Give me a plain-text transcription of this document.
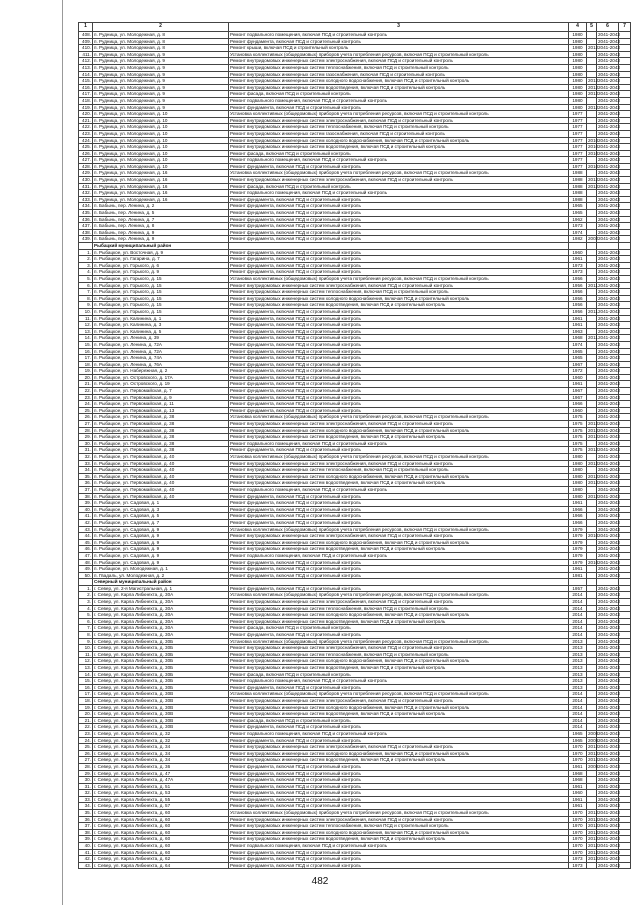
1	2	3	4	5	6	7
408.	п. Рудница, ул. Молодежная, д. 8	Ремонт подвального помещения, включая ПСД и строительный контроль	1980		2041-2043	
409.	п. Рудница, ул. Молодежная, д. 8	Ремонт фундамента, включая ПСД и строительный контроль	1980		2041-2043	
410.	п. Рудница, ул. Молодежная, д. 8	Ремонт крыши, включая ПСД и строительный контроль	1980	2012	2041-2043	
411.	п. Рудница, ул. Молодежная, д. 9	Установка коллективных (общедомовых) приборов учета потребления ресурсов, включая ПСД и строительный контроль	1980		2041-2043	
412.	п. Рудница, ул. Молодежная, д. 9	Ремонт внутридомовых инженерных систем электроснабжения, включая ПСД и строительный контроль	1980		2041-2043	
413.	п. Рудница, ул. Молодежная, д. 9	Ремонт внутридомовых инженерных систем теплоснабжения, включая ПСД и строительный контроль	1980		2041-2043	
414.	п. Рудница, ул. Молодежная, д. 9	Ремонт внутридомовых инженерных систем газоснабжения, включая ПСД и строительный контроль	1980		2041-2043	
415.	п. Рудница, ул. Молодежная, д. 9	Ремонт внутридомовых инженерных систем холодного водоснабжения, включая ПСД и строительный контроль	1980	2012	2041-2043	
416.	п. Рудница, ул. Молодежная, д. 9	Ремонт внутридомовых инженерных систем водоотведения, включая ПСД и строительный контроль	1980	2012	2041-2043	
417.	п. Рудница, ул. Молодежная, д. 9	Ремонт фасада, включая ПСД и строительный контроль	1980	2012	2041-2043	
418.	п. Рудница, ул. Молодежная, д. 9	Ремонт подвального помещения, включая ПСД и строительный контроль	1980		2041-2043	
419.	п. Рудница, ул. Молодежная, д. 9	Ремонт фундамента, включая ПСД и строительный контроль	1980	2012	2041-2043	
420.	п. Рудница, ул. Молодежная, д. 10	Установка коллективных (общедомовых) приборов учета потребления ресурсов, включая ПСД и строительный контроль	1977		2041-2043	
421.	п. Рудница, ул. Молодежная, д. 10	Ремонт внутридомовых инженерных систем электроснабжения, включая ПСД и строительный контроль	1977		2041-2043	
422.	п. Рудница, ул. Молодежная, д. 10	Ремонт внутридомовых инженерных систем теплоснабжения, включая ПСД и строительный контроль	1977		2041-2043	
423.	п. Рудница, ул. Молодежная, д. 10	Ремонт внутридомовых инженерных систем газоснабжения, включая ПСД и строительный контроль	1977		2041-2043	
424.	п. Рудница, ул. Молодежная, д. 10	Ремонт внутридомовых инженерных систем холодного водоснабжения, включая ПСД и строительный контроль	1977	2010	2041-2043	
425.	п. Рудница, ул. Молодежная, д. 10	Ремонт внутридомовых инженерных систем водоотведения, включая ПСД и строительный контроль	1977	2010	2041-2043	
426.	п. Рудница, ул. Молодежная, д. 10	Ремонт фасада, включая ПСД и строительный контроль	1977	2010	2041-2043	
427.	п. Рудница, ул. Молодежная, д. 10	Ремонт подвального помещения, включая ПСД и строительный контроль	1977		2041-2043	
428.	п. Рудница, ул. Молодежная, д. 10	Ремонт фундамента, включая ПСД и строительный контроль	1977	2010	2041-2043	
429.	п. Рудница, ул. Молодежная, д. 16	Установка коллективных (общедомовых) приборов учета потребления ресурсов, включая ПСД и строительный контроль	1988		2041-2043	
430.	п. Рудница, ул. Молодежная, д. 16	Ремонт внутридомовых инженерных систем электроснабжения, включая ПСД и строительный контроль	1988	2012	2041-2043	
431.	п. Рудница, ул. Молодежная, д. 16	Ремонт фасада, включая ПСД и строительный контроль	1988	2012	2041-2043	
432.	п. Рудница, ул. Молодежная, д. 16	Ремонт подвального помещения, включая ПСД и строительный контроль	1988		2041-2043	
433.	п. Рудница, ул. Молодежная, д. 16	Ремонт фундамента, включая ПСД и строительный контроль	1988		2041-2043	
434.	п. Бабынь, пер. Ленина, д. 2	Ремонт фундамента, включая ПСД и строительный контроль	1965		2041-2043	
435.	п. Бабынь, пер. Ленина, д. 5	Ремонт фундамента, включая ПСД и строительный контроль	1965		2041-2043	
436.	п. Бабынь, пер. Ленина, д. 7	Ремонт фундамента, включая ПСД и строительный контроль	1962		2041-2043	
437.	п. Бабынь, пер. Ленина, д. 8	Ремонт фундамента, включая ПСД и строительный контроль	1973		2041-2043	
438.	п. Бабынь, пер. Ленина, д. 9	Ремонт фундамента, включая ПСД и строительный контроль	1974		2041-2043	
439.	п. Бабынь, пер. Ленина, д. 9	Ремонт фундамента, включая ПСД и строительный контроль	1982	2002	2041-2043	
	Рыбацкий муниципальный район					
1.	п. Рыбацкое, ул. Восточная, д. 9	Ремонт фундамента, включая ПСД и строительный контроль	1960		2041-2043	
2.	п. Рыбацкое, ул. Гагарина, д. 7	Ремонт фундамента, включая ПСД и строительный контроль	1961		2041-2043	
3.	п. Рыбацкое, ул. Горького, д. 6	Ремонт фундамента, включая ПСД и строительный контроль	1973		2041-2043	
4.	п. Рыбацкое, ул. Горького, д. 9	Ремонт фундамента, включая ПСД и строительный контроль	1973		2041-2043	
5.	п. Рыбацкое, ул. Горького, д. 15	Установка коллективных (общедомовых) приборов учета потребления ресурсов, включая ПСД и строительный контроль	1956		2041-2043	
6.	п. Рыбацкое, ул. Горького, д. 15	Ремонт внутридомовых инженерных систем электроснабжения, включая ПСД и строительный контроль	1956	2011	2041-2043	
7.	п. Рыбацкое, ул. Горького, д. 15	Ремонт внутридомовых инженерных систем теплоснабжения, включая ПСД и строительный контроль	1956		2041-2043	
8.	п. Рыбацкое, ул. Горького, д. 15	Ремонт внутридомовых инженерных систем холодного водоснабжения, включая ПСД и строительный контроль	1956		2041-2043	
9.	п. Рыбацкое, ул. Горького, д. 15	Ремонт внутридомовых инженерных систем водоотведения, включая ПСД и строительный контроль	1956		2041-2043	
10.	п. Рыбацкое, ул. Горького, д. 15	Ремонт фундамента, включая ПСД и строительный контроль	1956	2011	2041-2043	
11.	п. Рыбацкое, ул. Калинина, д. 1	Ремонт фундамента, включая ПСД и строительный контроль	1961		2041-2043	
12.	п. Рыбацкое, ул. Калинина, д. 3	Ремонт фундамента, включая ПСД и строительный контроль	1961		2041-2043	
13.	п. Рыбацкое, ул. Калинина, д. 5	Ремонт фундамента, включая ПСД и строительный контроль	1963		2041-2043	
14.	п. Рыбацкое, ул. Ленина, д. 39	Ремонт фундамента, включая ПСД и строительный контроль	1968	2011	2041-2043	
15.	п. Рыбацкое, ул. Ленина, д. 72А	Ремонт фундамента, включая ПСД и строительный контроль	1974		2041-2043	
16.	п. Рыбацкое, ул. Ленина, д. 72А	Ремонт фундамента, включая ПСД и строительный контроль	1965		2041-2043	
17.	п. Рыбацкое, ул. Ленина, д. 74А	Ремонт фундамента, включая ПСД и строительный контроль	1965		2041-2043	
18.	п. Рыбацкое, ул. Ленина, д. 76А	Ремонт фундамента, включая ПСД и строительный контроль	1967		2041-2043	
19.	п. Рыбацкое, ул. Набережная, д. 2	Ремонт фундамента, включая ПСД и строительный контроль	1972		2041-2043	
20.	п. Рыбацкое, ул. Островского, д. 17А	Ремонт фундамента, включая ПСД и строительный контроль	1960		2041-2043	
21.	п. Рыбацкое, ул. Островского, д. 19	Ремонт фундамента, включая ПСД и строительный контроль	1961		2041-2043	
22.	п. Рыбацкое, ул. Первомайская, д. 7	Ремонт фундамента, включая ПСД и строительный контроль	1967		2041-2043	
23.	п. Рыбацкое, ул. Первомайская, д. 9	Ремонт фундамента, включая ПСД и строительный контроль	1967		2041-2043	
24.	п. Рыбацкое, ул. Первомайская, д. 11	Ремонт фундамента, включая ПСД и строительный контроль	1966		2041-2043	
25.	п. Рыбацкое, ул. Первомайская, д. 13	Ремонт фундамента, включая ПСД и строительный контроль	1960		2041-2043	
26.	п. Рыбацкое, ул. Первомайская, д. 38	Установка коллективных (общедомовых) приборов учета потребления ресурсов, включая ПСД и строительный контроль	1975		2041-2043	
27.	п. Рыбацкое, ул. Первомайская, д. 38	Ремонт внутридомовых инженерных систем электроснабжения, включая ПСД и строительный контроль	1975	2012	2041-2043	
28.	п. Рыбацкое, ул. Первомайская, д. 38	Ремонт внутридомовых инженерных систем холодного водоснабжения, включая ПСД и строительный контроль	1975	2012	2041-2043	
29.	п. Рыбацкое, ул. Первомайская, д. 38	Ремонт внутридомовых инженерных систем водоотведения, включая ПСД и строительный контроль	1975	2012	2041-2043	
30.	п. Рыбацкое, ул. Первомайская, д. 38	Ремонт подвального помещения, включая ПСД и строительный контроль	1975		2041-2043	
31.	п. Рыбацкое, ул. Первомайская, д. 38	Ремонт фундамента, включая ПСД и строительный контроль	1975	2012	2041-2043	
32.	п. Рыбацкое, ул. Первомайская, д. 40	Установка коллективных (общедомовых) приборов учета потребления ресурсов, включая ПСД и строительный контроль	1980		2041-2043	
33.	п. Рыбацкое, ул. Первомайская, д. 40	Ремонт внутридомовых инженерных систем электроснабжения, включая ПСД и строительный контроль	1980	2012	2041-2043	
34.	п. Рыбацкое, ул. Первомайская, д. 40	Ремонт внутридомовых инженерных систем теплоснабжения, включая ПСД и строительный контроль	1980		2041-2043	
35.	п. Рыбацкое, ул. Первомайская, д. 40	Ремонт внутридомовых инженерных систем холодного водоснабжения, включая ПСД и строительный контроль	1980	2012	2041-2043	
36.	п. Рыбацкое, ул. Первомайская, д. 40	Ремонт внутридомовых инженерных систем водоотведения, включая ПСД и строительный контроль	1980	2012	2041-2043	
37.	п. Рыбацкое, ул. Первомайская, д. 40	Ремонт подвального помещения, включая ПСД и строительный контроль	1980		2041-2043	
38.	п. Рыбацкое, ул. Первомайская, д. 40	Ремонт фундамента, включая ПСД и строительный контроль	1980	2012	2041-2043	
39.	п. Рыбацкое, ул. Садовая, д. 1	Ремонт фундамента, включая ПСД и строительный контроль	1961		2041-2043	
40.	п. Рыбацкое, ул. Садовая, д. 3	Ремонт фундамента, включая ПСД и строительный контроль	1966		2041-2043	
41.	п. Рыбацкое, ул. Садовая, д. 5	Ремонт фундамента, включая ПСД и строительный контроль	1966		2041-2043	
42.	п. Рыбацкое, ул. Садовая, д. 7	Ремонт фундамента, включая ПСД и строительный контроль	1966		2041-2043	
43.	п. Рыбацкое, ул. Садовая, д. 9	Установка коллективных (общедомовых) приборов учета потребления ресурсов, включая ПСД и строительный контроль	1979		2041-2043	
44.	п. Рыбацкое, ул. Садовая, д. 9	Ремонт внутридомовых инженерных систем электроснабжения, включая ПСД и строительный контроль	1979	2010	2041-2043	
45.	п. Рыбацкое, ул. Садовая, д. 9	Ремонт внутридомовых инженерных систем холодного водоснабжения, включая ПСД и строительный контроль	1979		2041-2043	
46.	п. Рыбацкое, ул. Садовая, д. 9	Ремонт внутридомовых инженерных систем водоотведения, включая ПСД и строительный контроль	1979		2041-2043	
47.	п. Рыбацкое, ул. Садовая, д. 9	Ремонт подвального помещения, включая ПСД и строительный контроль	1979		2041-2043	
48.	п. Рыбацкое, ул. Садовая, д. 9	Ремонт фундамента, включая ПСД и строительный контроль	1979	2010	2041-2043	
49.	п. Рыбацкое, ул. Молодежная, д. 1	Ремонт фундамента, включая ПСД и строительный контроль	1961		2041-2043	
50.	п. Гвадаль, ул. Молодежная, д. 2	Ремонт фундамента, включая ПСД и строительный контроль	1981		2041-2043	
	Северный муниципальный район					
1.	г. Север, ул. 2-я Магистральная, д. 1	Ремонт фундамента, включая ПСД и строительный контроль	1957		2041-2043	
2.	г. Север, ул. Карла Либкнехта, д. 30А	Установка коллективных (общедомовых) приборов учета потребления ресурсов, включая ПСД и строительный контроль	2014		2041-2043	
3.	г. Север, ул. Карла Либкнехта, д. 30А	Ремонт внутридомовых инженерных систем электроснабжения, включая ПСД и строительный контроль	2014		2041-2043	
4.	г. Север, ул. Карла Либкнехта, д. 30А	Ремонт внутридомовых инженерных систем теплоснабжения, включая ПСД и строительный контроль	2014		2041-2043	
5.	г. Север, ул. Карла Либкнехта, д. 30А	Ремонт внутридомовых инженерных систем холодного водоснабжения, включая ПСД и строительный контроль	2014		2041-2043	
6.	г. Север, ул. Карла Либкнехта, д. 30А	Ремонт внутридомовых инженерных систем водоотведения, включая ПСД и строительный контроль	2014		2041-2043	
7.	г. Север, ул. Карла Либкнехта, д. 30А	Ремонт фасада, включая ПСД и строительный контроль	2014		2041-2043	
8.	г. Север, ул. Карла Либкнехта, д. 30А	Ремонт фундамента, включая ПСД и строительный контроль	2014		2041-2043	
9.	г. Север, ул. Карла Либкнехта, д. 30Б	Установка коллективных (общедомовых) приборов учета потребления ресурсов, включая ПСД и строительный контроль	2013		2041-2043	
10.	г. Север, ул. Карла Либкнехта, д. 30Б	Ремонт внутридомовых инженерных систем электроснабжения, включая ПСД и строительный контроль	2013		2041-2043	
11.	г. Север, ул. Карла Либкнехта, д. 30Б	Ремонт внутридомовых инженерных систем теплоснабжения, включая ПСД и строительный контроль	2013		2041-2043	
12.	г. Север, ул. Карла Либкнехта, д. 30Б	Ремонт внутридомовых инженерных систем холодного водоснабжения, включая ПСД и строительный контроль	2013		2041-2043	
13.	г. Север, ул. Карла Либкнехта, д. 30Б	Ремонт внутридомовых инженерных систем водоотведения, включая ПСД и строительный контроль	2013		2041-2043	
14.	г. Север, ул. Карла Либкнехта, д. 30Б	Ремонт фасада, включая ПСД и строительный контроль	2013		2041-2043	
15.	г. Север, ул. Карла Либкнехта, д. 30Б	Ремонт подвального помещения, включая ПСД и строительный контроль	2013		2041-2043	
16.	г. Север, ул. Карла Либкнехта, д. 30Б	Ремонт фундамента, включая ПСД и строительный контроль	2013		2041-2043	
17.	г. Север, ул. Карла Либкнехта, д. 30В	Установка коллективных (общедомовых) приборов учета потребления ресурсов, включая ПСД и строительный контроль	2014		2041-2043	
18.	г. Север, ул. Карла Либкнехта, д. 30В	Ремонт внутридомовых инженерных систем электроснабжения, включая ПСД и строительный контроль	2014		2041-2043	
19.	г. Север, ул. Карла Либкнехта, д. 30В	Ремонт внутридомовых инженерных систем холодного водоснабжения, включая ПСД и строительный контроль	2014		2041-2043	
20.	г. Север, ул. Карла Либкнехта, д. 30В	Ремонт внутридомовых инженерных систем водоотведения, включая ПСД и строительный контроль	2014		2041-2043	
21.	г. Север, ул. Карла Либкнехта, д. 30В	Ремонт фасада, включая ПСД и строительный контроль	2014		2041-2043	
22.	г. Север, ул. Карла Либкнехта, д. 30В	Ремонт фундамента, включая ПСД и строительный контроль	2014		2041-2043	
23.	г. Север, ул. Карла Либкнехта, д. 32	Ремонт подвального помещения, включая ПСД и строительный контроль	1965	2008	2041-2043	
24.	г. Север, ул. Карла Либкнехта, д. 32	Ремонт фундамента, включая ПСД и строительный контроль	1965	2008	2041-2043	
25.	г. Север, ул. Карла Либкнехта, д. 34	Ремонт внутридомовых инженерных систем электроснабжения, включая ПСД и строительный контроль	1970	2012	2041-2043	
26.	г. Север, ул. Карла Либкнехта, д. 34	Ремонт внутридомовых инженерных систем холодного водоснабжения, включая ПСД и строительный контроль	1970	2012	2041-2043	
27.	г. Север, ул. Карла Либкнехта, д. 34	Ремонт внутридомовых инженерных систем водоотведения, включая ПСД и строительный контроль	1970	2012	2041-2043	
28.	г. Север, ул. Карла Либкнехта, д. 36	Ремонт фундамента, включая ПСД и строительный контроль	1961	2008	2041-2043	
29.	г. Север, ул. Карла Либкнехта, д. 47	Ремонт фундамента, включая ПСД и строительный контроль	1968		2041-2043	
30.	г. Север, ул. Карла Либкнехта, д. 47А	Ремонт фундамента, включая ПСД и строительный контроль	1968		2041-2043	
31.	г. Север, ул. Карла Либкнехта, д. 51	Ремонт фундамента, включая ПСД и строительный контроль	1961		2041-2043	
32.	г. Север, ул. Карла Либкнехта, д. 53	Ремонт фундамента, включая ПСД и строительный контроль	1960		2041-2043	
33.	г. Север, ул. Карла Либкнехта, д. 55	Ремонт фундамента, включая ПСД и строительный контроль	1961		2041-2043	
34.	г. Север, ул. Карла Либкнехта, д. 57	Ремонт фундамента, включая ПСД и строительный контроль	1961		2041-2043	
35.	г. Север, ул. Карла Либкнехта, д. 60	Установка коллективных (общедомовых) приборов учета потребления ресурсов, включая ПСД и строительный контроль	1970	2012	2041-2043	
36.	г. Север, ул. Карла Либкнехта, д. 60	Ремонт внутридомовых инженерных систем электроснабжения, включая ПСД и строительный контроль	1970	2012	2041-2043	
37.	г. Север, ул. Карла Либкнехта, д. 60	Ремонт внутридомовых инженерных систем теплоснабжения, включая ПСД и строительный контроль	1970	2012	2041-2043	
38.	г. Север, ул. Карла Либкнехта, д. 60	Ремонт внутридомовых инженерных систем холодного водоснабжения, включая ПСД и строительный контроль	1970	2012	2041-2043	
39.	г. Север, ул. Карла Либкнехта, д. 60	Ремонт внутридомовых инженерных систем водоотведения, включая ПСД и строительный контроль	1970	2012	2041-2043	
40.	г. Север, ул. Карла Либкнехта, д. 60	Ремонт подвального помещения, включая ПСД и строительный контроль	1970	2012	2041-2043	
41.	г. Север, ул. Карла Либкнехта, д. 60	Ремонт фундамента, включая ПСД и строительный контроль	1970	2012	2041-2043	
42.	г. Север, ул. Карла Либкнехта, д. 62	Ремонт фундамента, включая ПСД и строительный контроль	1973	2012	2041-2043	
43.	г. Север, ул. Карла Либкнехта, д. 64	Ремонт фундамента, включая ПСД и строительный контроль	1973		2041-2043	
482
